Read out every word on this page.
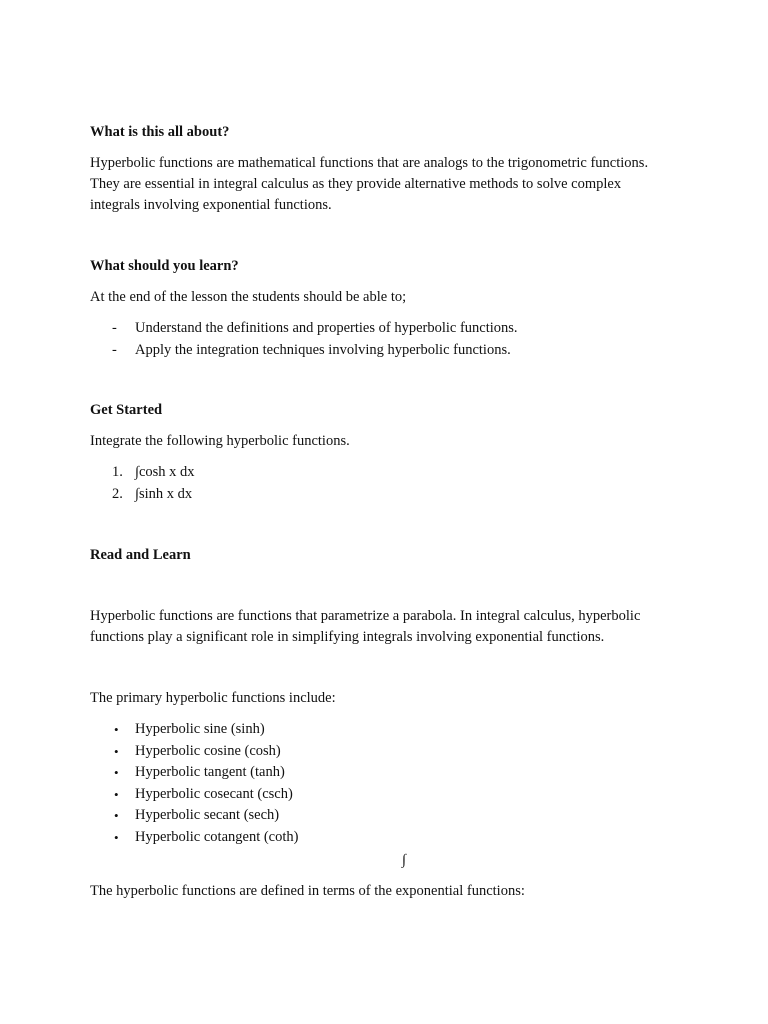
What is this all about?
Hyperbolic functions are mathematical functions that are analogs to the trigonometric functions.
They are essential in integral calculus as they provide alternative methods to solve complex
integrals involving exponential functions.
What should you learn?
At the end of the lesson the students should be able to;
- Understand the definitions and properties of hyperbolic functions.
- Apply the integration techniques involving hyperbolic functions.
Get Started
Integrate the following hyperbolic functions.
1. ∫cosh x dx
2. ∫sinh x dx
Read and Learn
Hyperbolic functions are functions that parametrize a parabola. In integral calculus, hyperbolic
functions play a significant role in simplifying integrals involving exponential functions.
The primary hyperbolic functions include:
• Hyperbolic sine (sinh)
• Hyperbolic cosine (cosh)
• Hyperbolic tangent (tanh)
• Hyperbolic cosecant (csch)
• Hyperbolic secant (sech)
• Hyperbolic cotangent (coth)
∫
The hyperbolic functions are defined in terms of the exponential functions:
